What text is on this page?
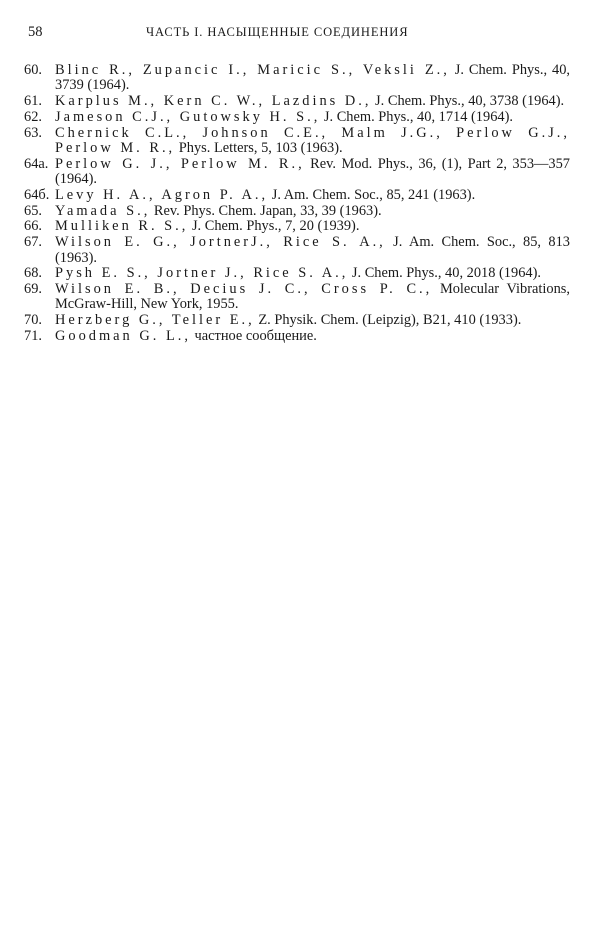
58	ЧАСТЬ I. НАСЫЩЕННЫЕ СОЕДИНЕНИЯ
60. Blinc R., Zupancic I., Maricic S., Veksli Z., J. Chem. Phys., 40, 3739 (1964).
61. Karplus M., Kern C. W., Lazdins D., J. Chem. Phys., 40, 3738 (1964).
62. Jameson C.J., Gutowsky H. S., J. Chem. Phys., 40, 1714 (1964).
63. Chernick C.L., Johnson C.E., Malm J.G., Perlow G.J., Perlow M. R., Phys. Letters, 5, 103 (1963).
64a. Perlow G. J., Perlow M. R., Rev. Mod. Phys., 36, (1), Part 2, 353—357 (1964).
64б. Levy H. A., Agron P. A., J. Am. Chem. Soc., 85, 241 (1963).
65. Yamada S., Rev. Phys. Chem. Japan, 33, 39 (1963).
66. Mulliken R. S., J. Chem. Phys., 7, 20 (1939).
67. Wilson E. G., JortnerJ., Rice S. A., J. Am. Chem. Soc., 85, 813 (1963).
68. Pysh E. S., Jortner J., Rice S. A., J. Chem. Phys., 40, 2018 (1964).
69. Wilson E. B., Decius J. C., Cross P. C., Molecular Vibrations, McGraw-Hill, New York, 1955.
70. Herzberg G., Teller E., Z. Physik. Chem. (Leipzig), B21, 410 (1933).
71. Goodman G. L., частное сообщение.
